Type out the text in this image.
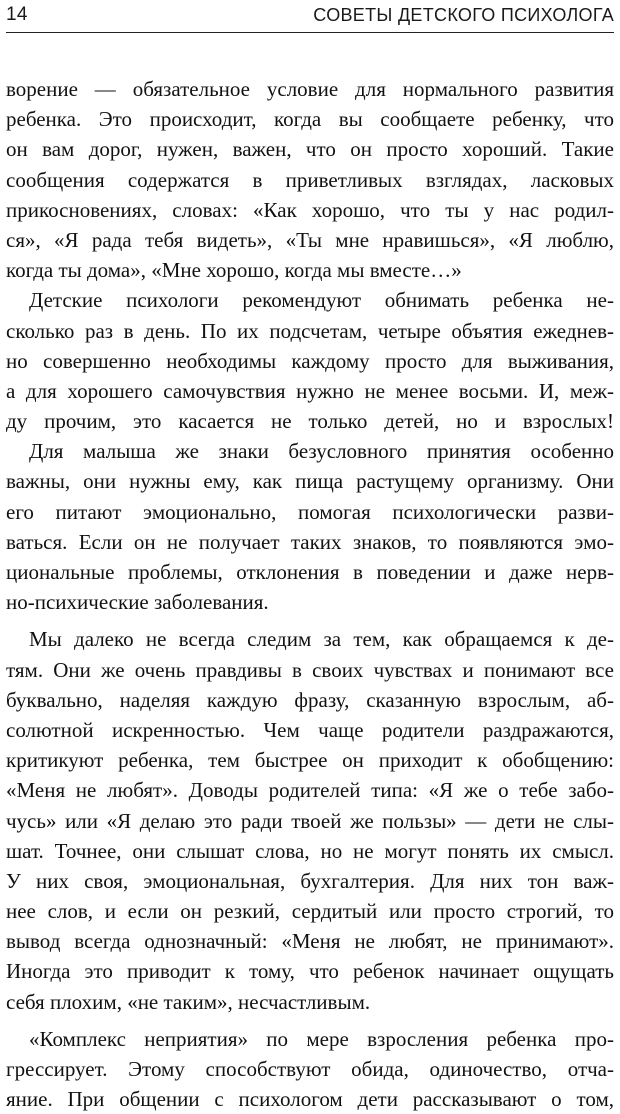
14	СОВЕТЫ ДЕТСКОГО ПСИХОЛОГА
ворение — обязательное условие для нормального развития
ребенка. Это происходит, когда вы сообщаете ребенку, что
он вам дорог, нужен, важен, что он просто хороший. Такие
сообщения содержатся в приветливых взглядах, ласковых
прикосновениях, словах: «Как хорошо, что ты у нас родил-
ся», «Я рада тебя видеть», «Ты мне нравишься», «Я люблю,
когда ты дома», «Мне хорошо, когда мы вместе…»
Детские психологи рекомендуют обнимать ребенка не-
сколько раз в день. По их подсчетам, четыре объятия ежеднев-
но совершенно необходимы каждому просто для выживания,
а для хорошего самочувствия нужно не менее восьми. И, меж-
ду прочим, это касается не только детей, но и взрослых!
Для малыша же знаки безусловного принятия особенно
важны, они нужны ему, как пища растущему организму. Они
его питают эмоционально, помогая психологически разви-
ваться. Если он не получает таких знаков, то появляются эмо-
циональные проблемы, отклонения в поведении и даже нерв-
но-психические заболевания.
Мы далеко не всегда следим за тем, как обращаемся к де-
тям. Они же очень правдивы в своих чувствах и понимают все
буквально, наделяя каждую фразу, сказанную взрослым, аб-
солютной искренностью. Чем чаще родители раздражаются,
критикуют ребенка, тем быстрее он приходит к обобщению:
«Меня не любят». Доводы родителей типа: «Я же о тебе забо-
чусь» или «Я делаю это ради твоей же пользы» — дети не слы-
шат. Точнее, они слышат слова, но не могут понять их смысл.
У них своя, эмоциональная, бухгалтерия. Для них тон важ-
нее слов, и если он резкий, сердитый или просто строгий, то
вывод всегда однозначный: «Меня не любят, не принимают».
Иногда это приводит к тому, что ребенок начинает ощущать
себя плохим, «не таким», несчастливым.
«Комплекс неприятия» по мере взросления ребенка про-
грессирует. Этому способствуют обида, одиночество, отча-
яние. При общении с психологом дети рассказывают о том,
